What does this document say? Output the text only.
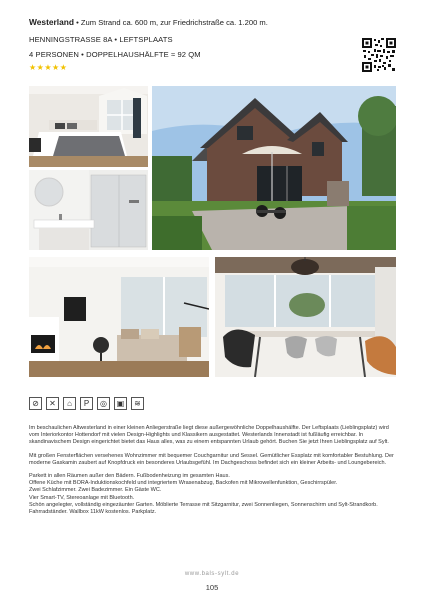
Westerland • Zum Strand ca. 600 m, zur Friedrichstraße ca. 1.200 m.
HENNINGSTRASSE 8A • LEFTSPLAATS
4 PERSONEN • DOPPELHAUSHÄLFTE ≈ 92 QM
★★★★★
⊘	✕	⌂	P	◎	▣	≋

Im beschaulichen Altwesterland in einer kleinen Anliegerstraße liegt diese außergewöhnliche Doppelhaushälfte. Der Leftsplaats (Lieblingsplatz) wird vom Interiorkontor Hottendorf mit vielen Design-Highlights und Klassikern ausgestattet. Westerlands Innenstadt ist fußläufig erreichbar. In skandinavischem Design eingerichtet bietet das Haus alles, was zu einem entspannten Urlaub gehört. Buchen Sie jetzt Ihren Lieblingsplatz auf Sylt.

Mit großen Fensterflächen versehenes Wohnzimmer mit bequemer Couchgarnitur und Sessel. Gemütlicher Essplatz mit komfortabler Bestuhlung. Der moderne Gaskamin zaubert auf Knopfdruck ein besonderes Urlaubsgefühl. Im Dachgeschoss befindet sich ein kleiner Arbeits- und Loungebereich.

Parkett in allen Räumen außer den Bädern. Fußbodenheizung im gesamten Haus.
Offene Küche mit BORA-Induktionskochfeld und integriertem Wrasenabzug, Backofen mit Mikrowellenfunktion, Geschirrspüler.
Zwei Schlafzimmer. Zwei Badezimmer. Ein Gäste WC.
Vier Smart-TV, Stereoanlage mit Bluetooth.
Schön angelegter, vollständig eingezäunter Garten. Möblierte Terrasse mit Sitzgarnitur, zwei Sonnenliegen, Sonnenschirm und Sylt-Strandkorb. Fahrradständer. Wallbox 11kW kostenlos. Parkplatz.
www.bals-sylt.de
105
